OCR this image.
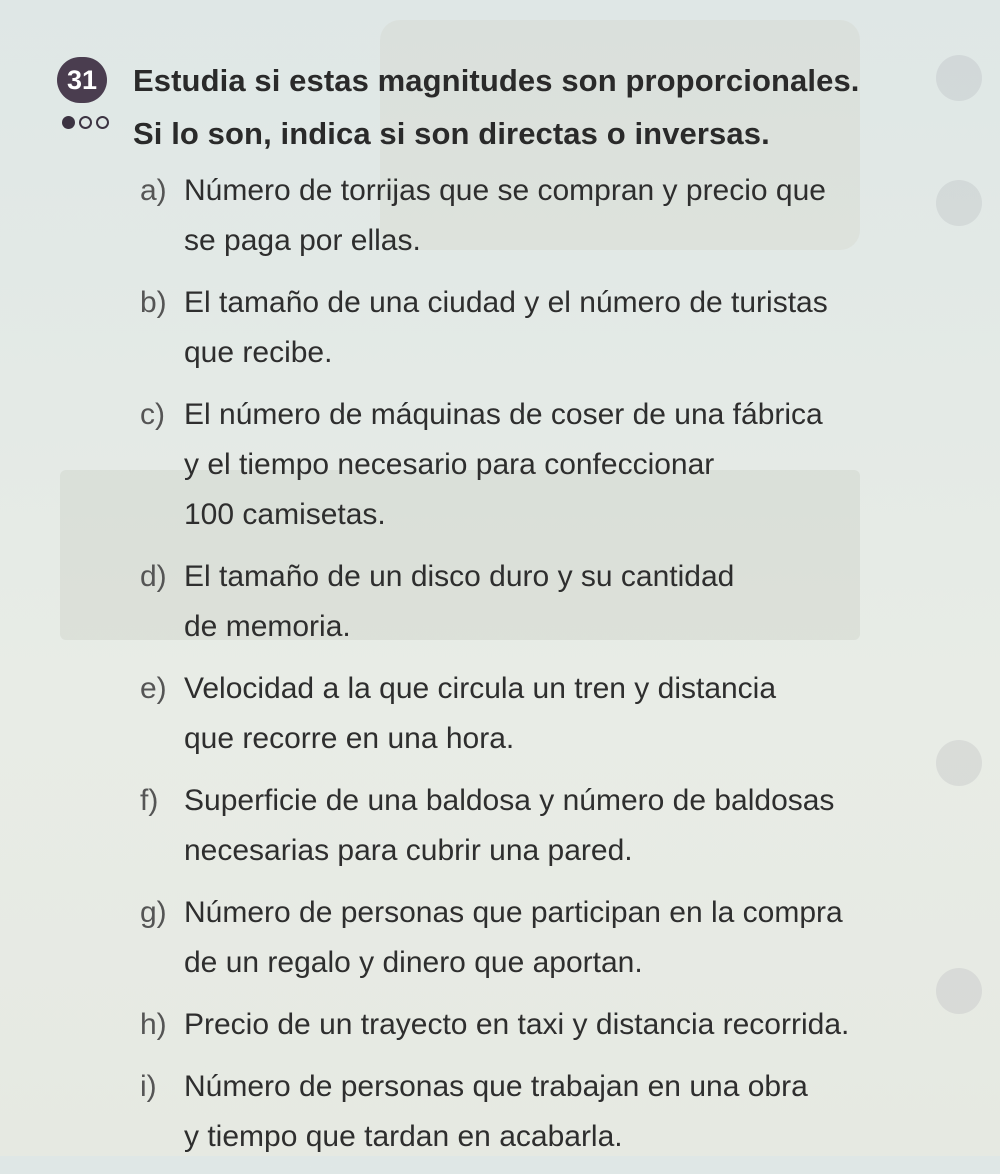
31	Estudia si estas magnitudes son proporcionales.
Si lo son, indica si son directas o inversas.
a) Número de torrijas que se compran y precio que
se paga por ellas.
b) El tamaño de una ciudad y el número de turistas
que recibe.
c) El número de máquinas de coser de una fábrica
y el tiempo necesario para confeccionar
100 camisetas.
d) El tamaño de un disco duro y su cantidad
de memoria.
e) Velocidad a la que circula un tren y distancia
que recorre en una hora.
f) Superficie de una baldosa y número de baldosas
necesarias para cubrir una pared.
g) Número de personas que participan en la compra
de un regalo y dinero que aportan.
h) Precio de un trayecto en taxi y distancia recorrida.
i) Número de personas que trabajan en una obra
y tiempo que tardan en acabarla.
